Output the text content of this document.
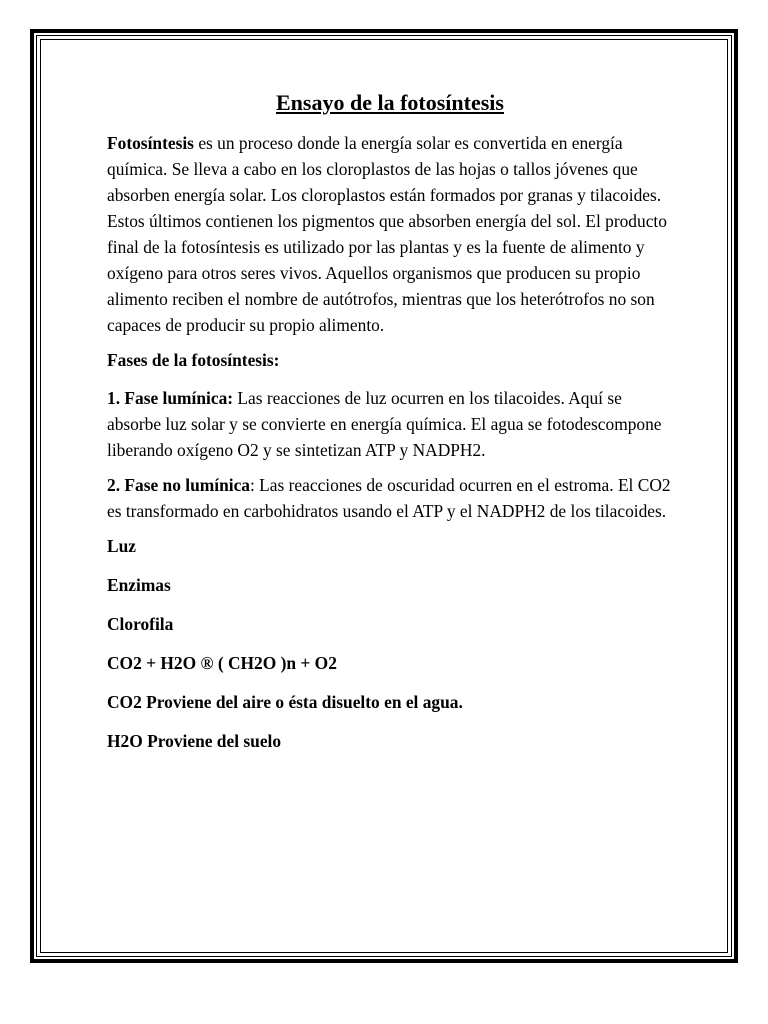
Ensayo de la fotosíntesis

Fotosíntesis es un proceso donde la energía solar es convertida en energía química. Se lleva a cabo en los cloroplastos de las hojas o tallos jóvenes que absorben energía solar. Los cloroplastos están formados por granas y tilacoides. Estos últimos contienen los pigmentos que absorben energía del sol. El producto final de la fotosíntesis es utilizado por las plantas y es la fuente de alimento y oxígeno para otros seres vivos. Aquellos organismos que producen su propio alimento reciben el nombre de autótrofos, mientras que los heterótrofos no son capaces de producir su propio alimento.

Fases de la fotosíntesis:

1. Fase lumínica: Las reacciones de luz ocurren en los tilacoides. Aquí se absorbe luz solar y se convierte en energía química. El agua se fotodescompone liberando oxígeno O2 y se sintetizan ATP y NADPH2.

2. Fase no lumínica: Las reacciones de oscuridad ocurren en el estroma. El CO2 es transformado en carbohidratos usando el ATP y el NADPH2 de los tilacoides.

Luz

Enzimas

Clorofila

CO2 + H2O ® ( CH2O )n + O2

CO2 Proviene del aire o ésta disuelto en el agua.

H2O Proviene del suelo
